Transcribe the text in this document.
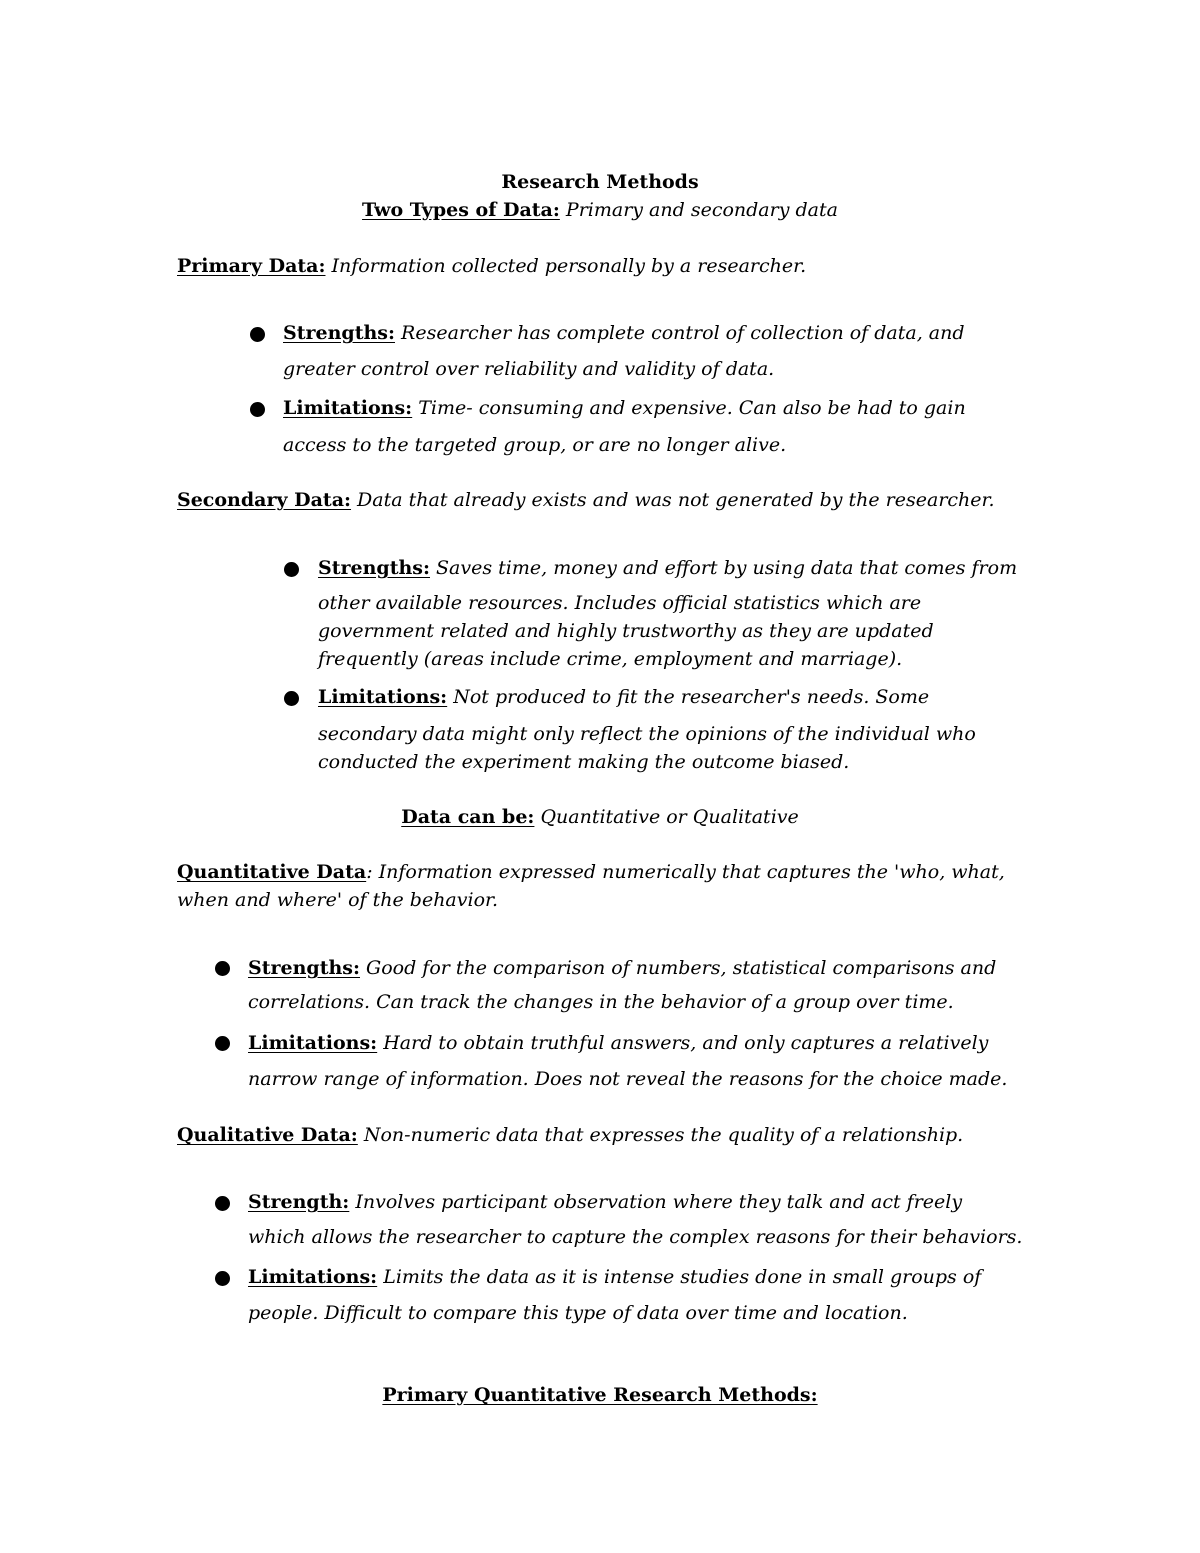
Research Methods
Two Types of Data: Primary and secondary data
Primary Data: Information collected personally by a researcher.
Strengths: Researcher has complete control of collection of data, and
greater control over reliability and validity of data.
Limitations: Time- consuming and expensive. Can also be had to gain
access to the targeted group, or are no longer alive.
Secondary Data: Data that already exists and was not generated by the researcher.
Strengths: Saves time, money and effort by using data that comes from
other available resources. Includes official statistics which are
government related and highly trustworthy as they are updated
frequently (areas include crime, employment and marriage).
Limitations: Not produced to fit the researcher's needs. Some
secondary data might only reflect the opinions of the individual who
conducted the experiment making the outcome biased.
Data can be: Quantitative or Qualitative
Quantitative Data: Information expressed numerically that captures the 'who, what,
when and where' of the behavior.
Strengths: Good for the comparison of numbers, statistical comparisons and
correlations. Can track the changes in the behavior of a group over time.
Limitations: Hard to obtain truthful answers, and only captures a relatively
narrow range of information. Does not reveal the reasons for the choice made.
Qualitative Data: Non-numeric data that expresses the quality of a relationship.
Strength: Involves participant observation where they talk and act freely
which allows the researcher to capture the complex reasons for their behaviors.
Limitations: Limits the data as it is intense studies done in small groups of
people. Difficult to compare this type of data over time and location.
Primary Quantitative Research Methods:
